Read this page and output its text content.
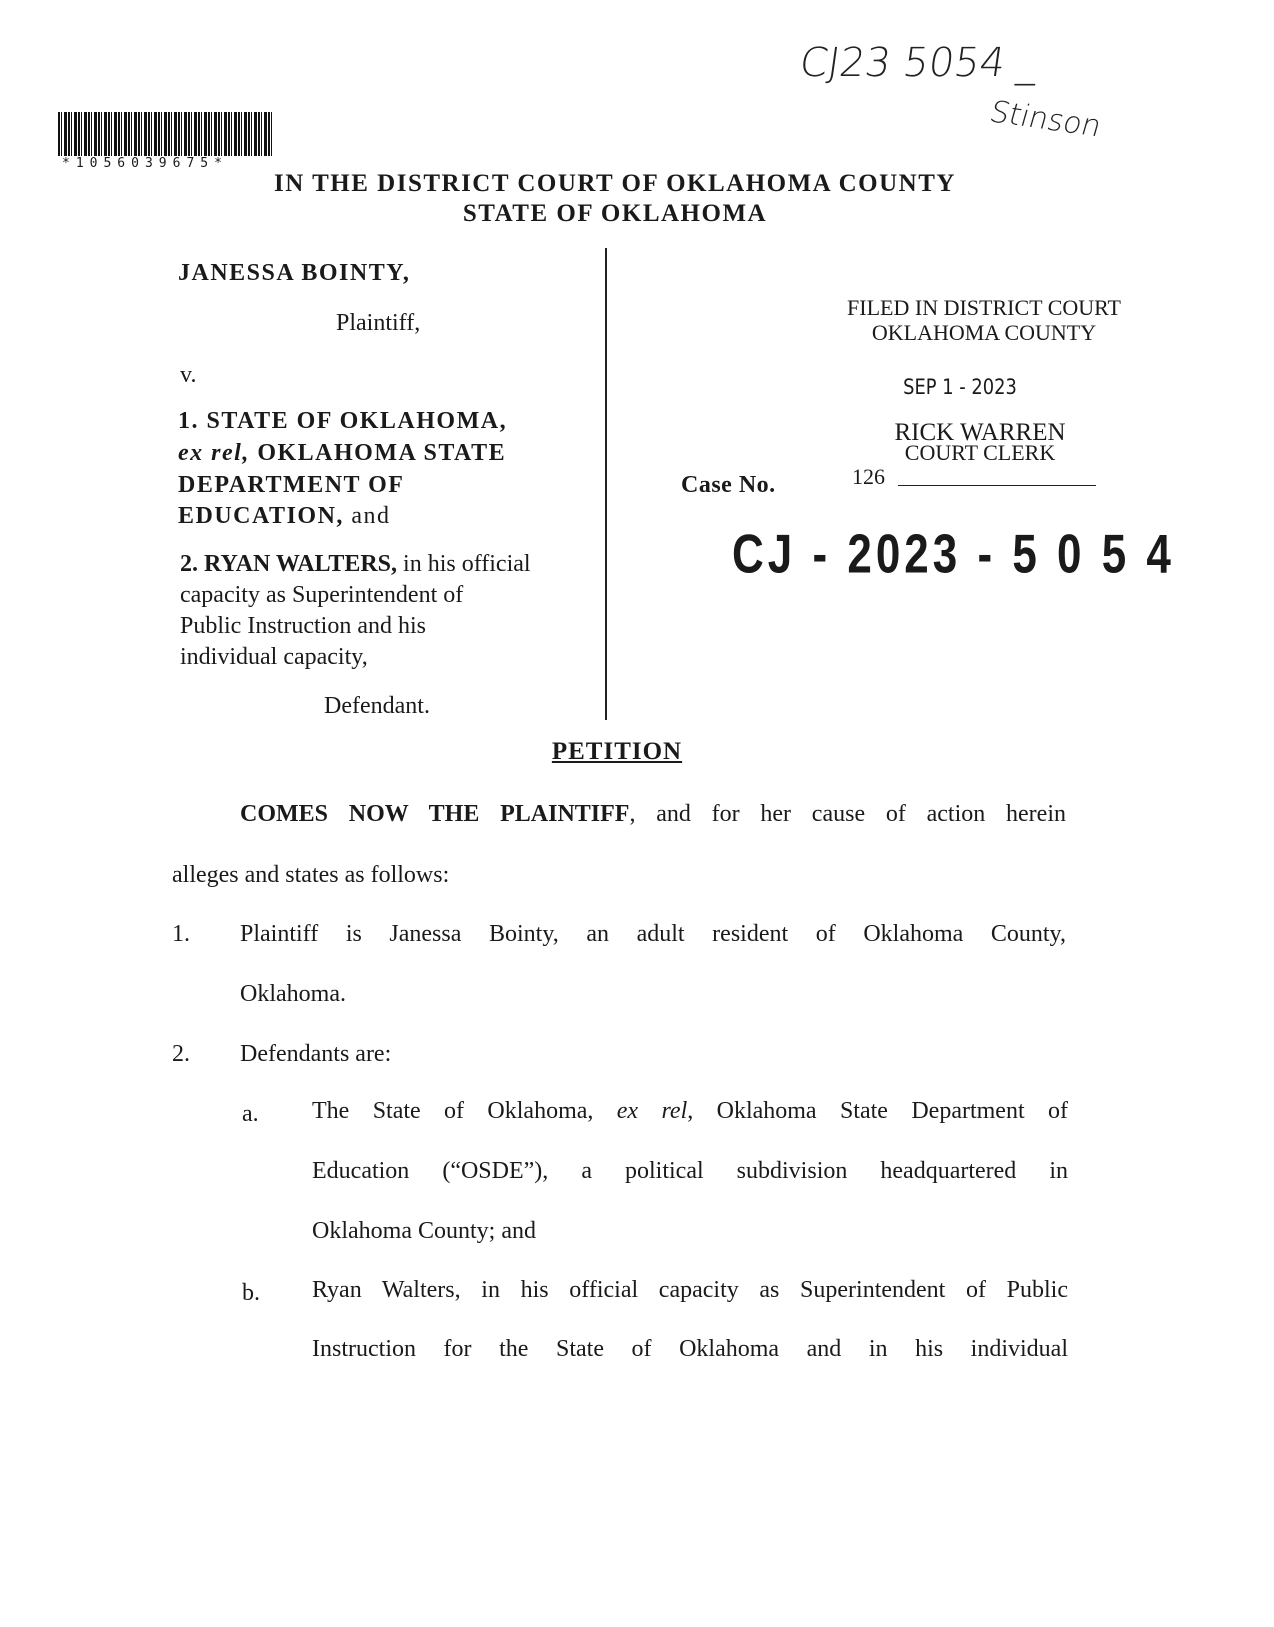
CJ23 5054 _
Stinson
*1056039675*
IN THE DISTRICT COURT OF OKLAHOMA COUNTY
STATE OF OKLAHOMA
JANESSA BOINTY,
Plaintiff,
v.
1. STATE OF OKLAHOMA,
ex rel, OKLAHOMA STATE
DEPARTMENT OF
EDUCATION, and
2. RYAN WALTERS, in his official
capacity as Superintendent of
Public Instruction and his
individual capacity,
Defendant.
FILED IN DISTRICT COURT
OKLAHOMA COUNTY
SEP 1 - 2023
RICK WARREN
COURT CLERK
126
Case No.
CJ - 2023 - 5 0 5 4
PETITION
COMES NOW THE PLAINTIFF, and for her cause of action herein
alleges and states as follows:
1. Plaintiff is Janessa Bointy, an adult resident of Oklahoma County,
Oklahoma.
2. Defendants are:
a. The State of Oklahoma, ex rel, Oklahoma State Department of
Education (“OSDE”), a political subdivision headquartered in
Oklahoma County; and
b. Ryan Walters, in his official capacity as Superintendent of Public
Instruction for the State of Oklahoma and in his individual
